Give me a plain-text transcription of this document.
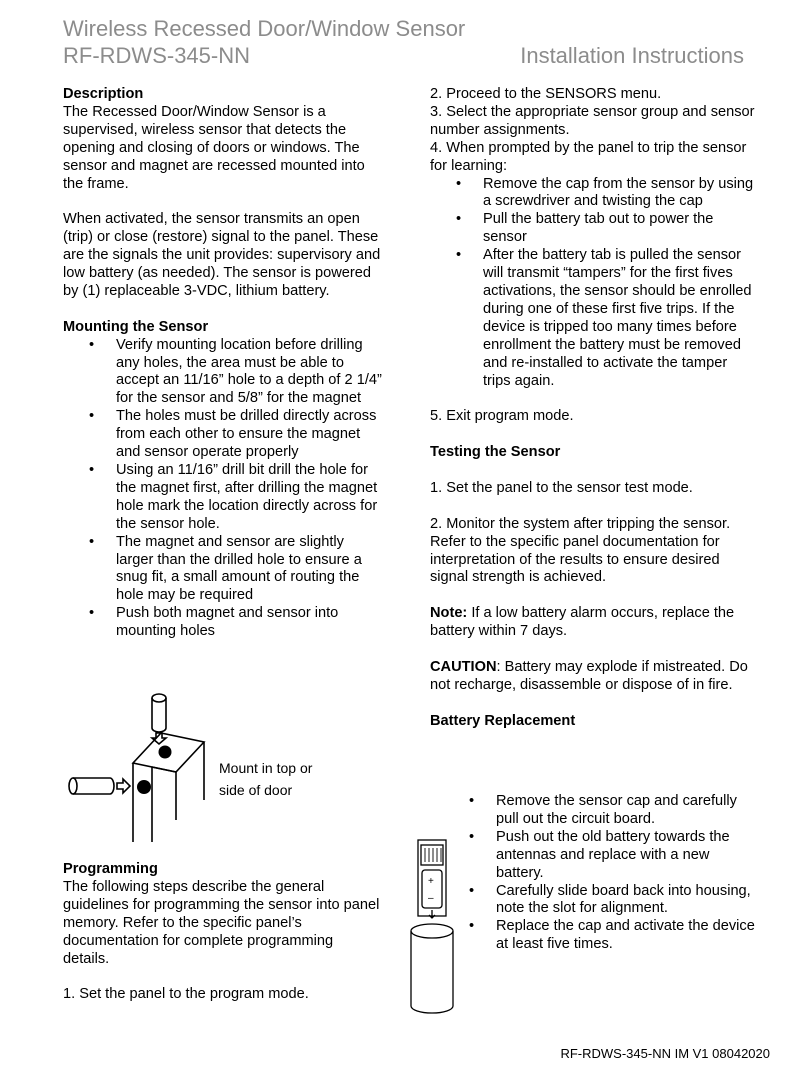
Wireless Recessed Door/Window Sensor
RF-RDWS-345-NN	Installation Instructions
Description

The Recessed Door/Window Sensor is a supervised, wireless sensor that detects the opening and closing of doors or windows. The sensor and magnet are recessed mounted into the frame.

When activated, the sensor transmits an open (trip) or close (restore) signal to the panel. These are the signals the unit provides: supervisory and low battery (as needed). The sensor is powered by (1) replaceable 3-VDC, lithium battery.

Mounting the Sensor
• Verify mounting location before drilling any holes, the area must be able to accept an 11/16” hole to a depth of 2 1/4” for the sensor and 5/8” for the magnet
• The holes must be drilled directly across from each other to ensure the magnet and sensor operate properly
• Using an 11/16” drill bit drill the hole for the magnet first, after drilling the magnet hole mark the location directly across for the sensor hole.
• The magnet and sensor are slightly larger than the drilled hole to ensure a snug fit, a small amount of routing the hole may be required
• Push both magnet and sensor into mounting holes
Mount in top or
side of door
Programming

The following steps describe the general guidelines for programming the sensor into panel memory. Refer to the specific panel’s documentation for complete programming details.

1. Set the panel to the program mode.

2. Proceed to the SENSORS menu.

3. Select the appropriate sensor group and sensor number assignments.

4. When prompted by the panel to trip the sensor for learning:

• Remove the cap from the sensor by using a screwdriver and twisting the cap
• Pull the battery tab out to power the sensor
• After the battery tab is pulled the sensor will transmit “tampers” for the first fives activations, the sensor should be enrolled during one of these first five trips. If the device is tripped too many times before enrollment the battery must be removed and re-installed to activate the tamper trips again.

5. Exit program mode.

Testing the Sensor

1. Set the panel to the sensor test mode.

2. Monitor the system after tripping the sensor. Refer to the specific panel documentation for interpretation of the results to ensure desired signal strength is achieved.

Note: If a low battery alarm occurs, replace the battery within 7 days.

CAUTION: Battery may explode if mistreated. Do not recharge, disassemble or dispose of in fire.

Battery Replacement
• Remove the sensor cap and carefully pull out the circuit board.
• Push out the old battery towards the antennas and replace with a new battery.
• Carefully slide board back into housing, note the slot for alignment.
• Replace the cap and activate the device at least five times.
+
–
RF-RDWS-345-NN IM V1 08042020
